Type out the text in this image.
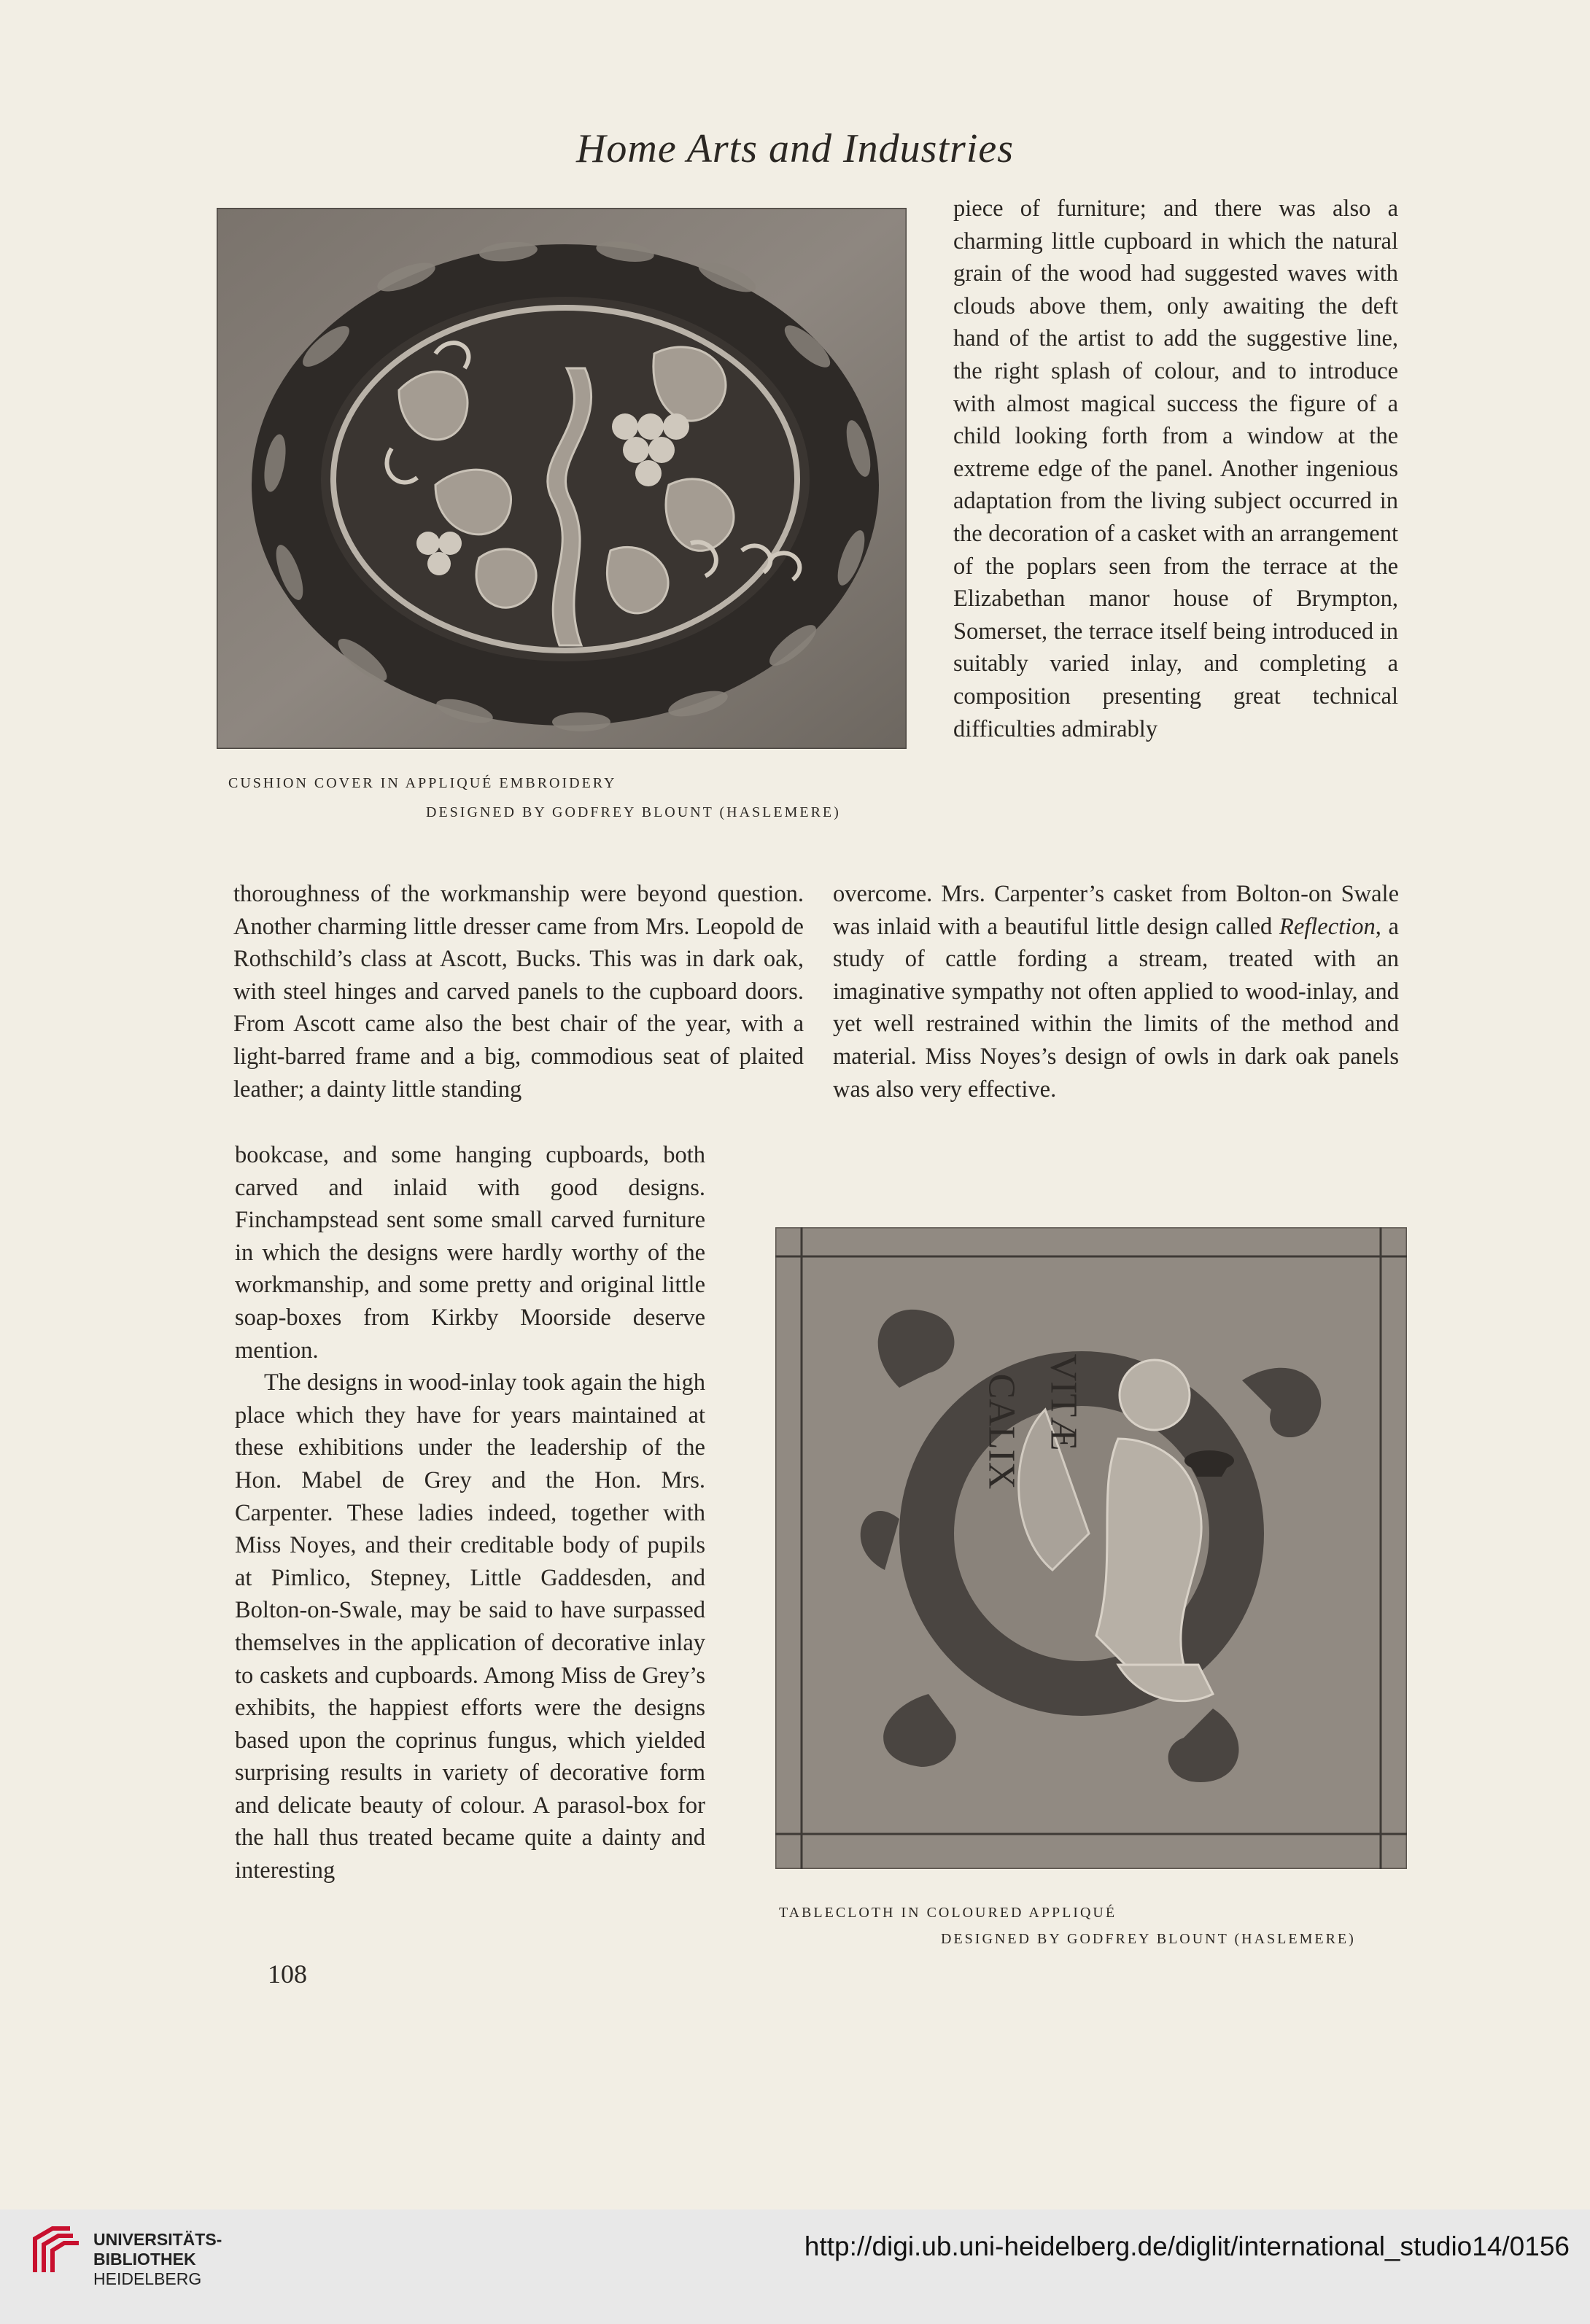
Home Arts and Industries
CUSHION COVER IN APPLIQUÉ EMBROIDERY
DESIGNED BY GODFREY BLOUNT (HASLEMERE)

piece of furniture; and there was also a charming little cupboard in which the natural grain of the wood had suggested waves with clouds above them, only awaiting the deft hand of the artist to add the suggestive line, the right splash of colour, and to introduce with almost magical success the figure of a child looking forth from a window at the extreme edge of the panel. Another ingenious adaptation from the living subject occurred in the decoration of a casket with an arrangement of the poplars seen from the terrace at the Elizabethan manor house of Brympton, Somerset, the terrace itself being introduced in suitably varied inlay, and completing a composition presenting great technical difficulties admirably

thoroughness of the workmanship were beyond question. Another charming little dresser came from Mrs. Leopold de Rothschild’s class at Ascott, Bucks. This was in dark oak, with steel hinges and carved panels to the cupboard doors. From Ascott came also the best chair of the year, with a light-barred frame and a big, commodious seat of plaited leather; a dainty little standing

overcome. Mrs. Carpenter’s casket from Bolton-on Swale was inlaid with a beautiful little design called Reflection, a study of cattle fording a stream, treated with an imaginative sympathy not often applied to wood-inlay, and yet well restrained within the limits of the method and material. Miss Noyes’s design of owls in dark oak panels was also very effective.

bookcase, and some hanging cupboards, both carved and inlaid with good designs. Finchampstead sent some small carved furniture in which the designs were hardly worthy of the workmanship, and some pretty and original little soap-boxes from Kirkby Moorside deserve mention.

The designs in wood-inlay took again the high place which they have for years maintained at these exhibitions under the leadership of the Hon. Mabel de Grey and the Hon. Mrs. Carpenter. These ladies indeed, together with Miss Noyes, and their creditable body of pupils at Pimlico, Stepney, Little Gaddesden, and Bolton-on-Swale, may be said to have surpassed themselves in the application of decorative inlay to caskets and cupboards. Among Miss de Grey’s exhibits, the happiest efforts were the designs based upon the coprinus fungus, which yielded surprising results in variety of decorative form and delicate beauty of colour. A parasol-box for the hall thus treated became quite a dainty and interesting

CALIX VITÆ
TABLECLOTH IN COLOURED APPLIQUÉ
DESIGNED BY GODFREY BLOUNT (HASLEMERE)
108
UNIVERSITÄTS-
BIBLIOTHEK
HEIDELBERG
http://digi.ub.uni-heidelberg.de/diglit/international_studio14/0156
